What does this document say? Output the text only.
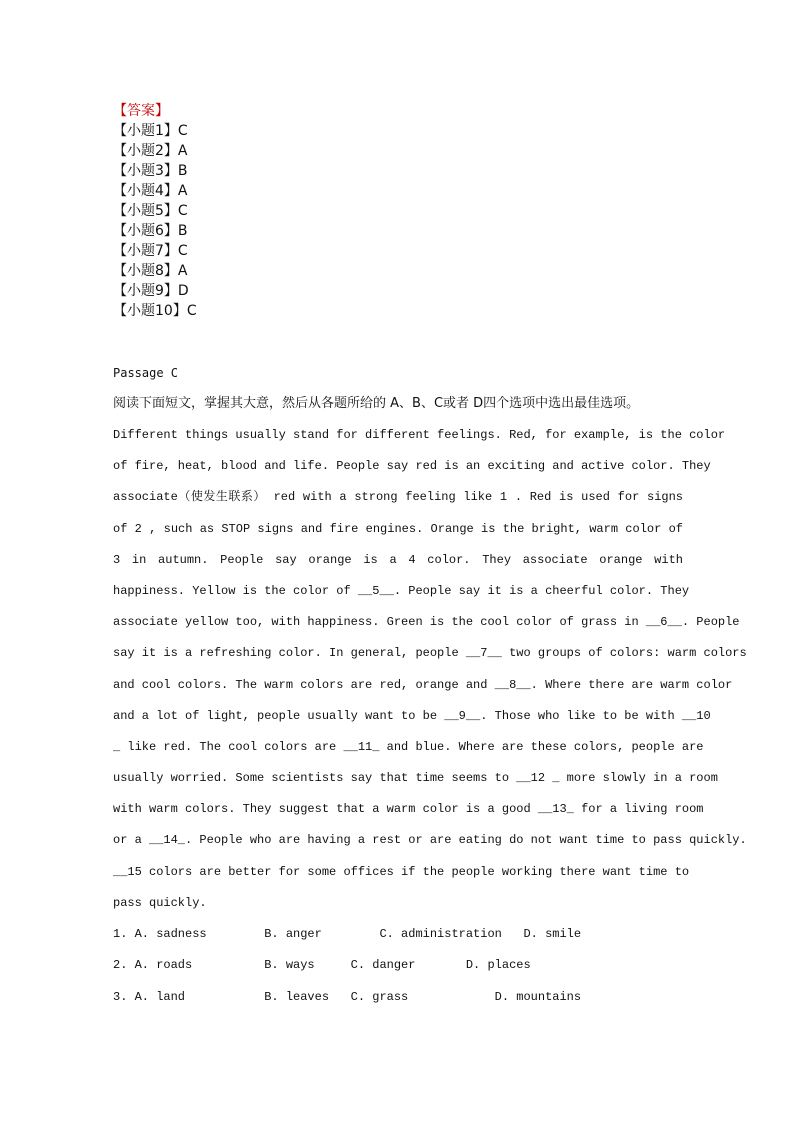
【答案】
【小题1】C
【小题2】A
【小题3】B
【小题4】A
【小题5】C
【小题6】B
【小题7】C
【小题8】A
【小题9】D
【小题10】C
Passage C
阅读下面短文，掌握其大意，然后从各题所给的 A、B、C或者 D四个选项中选出最佳选项。
Different things usually stand for different feelings. Red, for example, is the color
of fire, heat, blood and life. People say red is an exciting and active color. They
associate（使发生联系） red with a strong feeling like 1 . Red is used for signs
of 2 , such as STOP signs and fire engines. Orange is the bright, warm color of
3 in autumn. People say orange is a 4 color. They associate orange with
happiness. Yellow is the color of __5__. People say it is a cheerful color. They
associate yellow too, with happiness. Green is the cool color of grass in __6__. People
say it is a refreshing color. In general, people __7__ two groups of colors: warm colors
and cool colors. The warm colors are red, orange and __8__. Where there are warm color
and a lot of light, people usually want to be __9__. Those who like to be with __10
_ like red. The cool colors are __11_ and blue. Where are these colors, people are
usually worried. Some scientists say that time seems to __12 _ more slowly in a room
with warm colors. They suggest that a warm color is a good __13_ for a living room
or a __14_. People who are having a rest or are eating do not want time to pass quickly.
__15 colors are better for some offices if the people working there want time to
pass quickly.
1. A. sadness        B. anger        C. administration   D. smile
2. A. roads          B. ways     C. danger       D. places
3. A. land           B. leaves   C. grass            D. mountains
